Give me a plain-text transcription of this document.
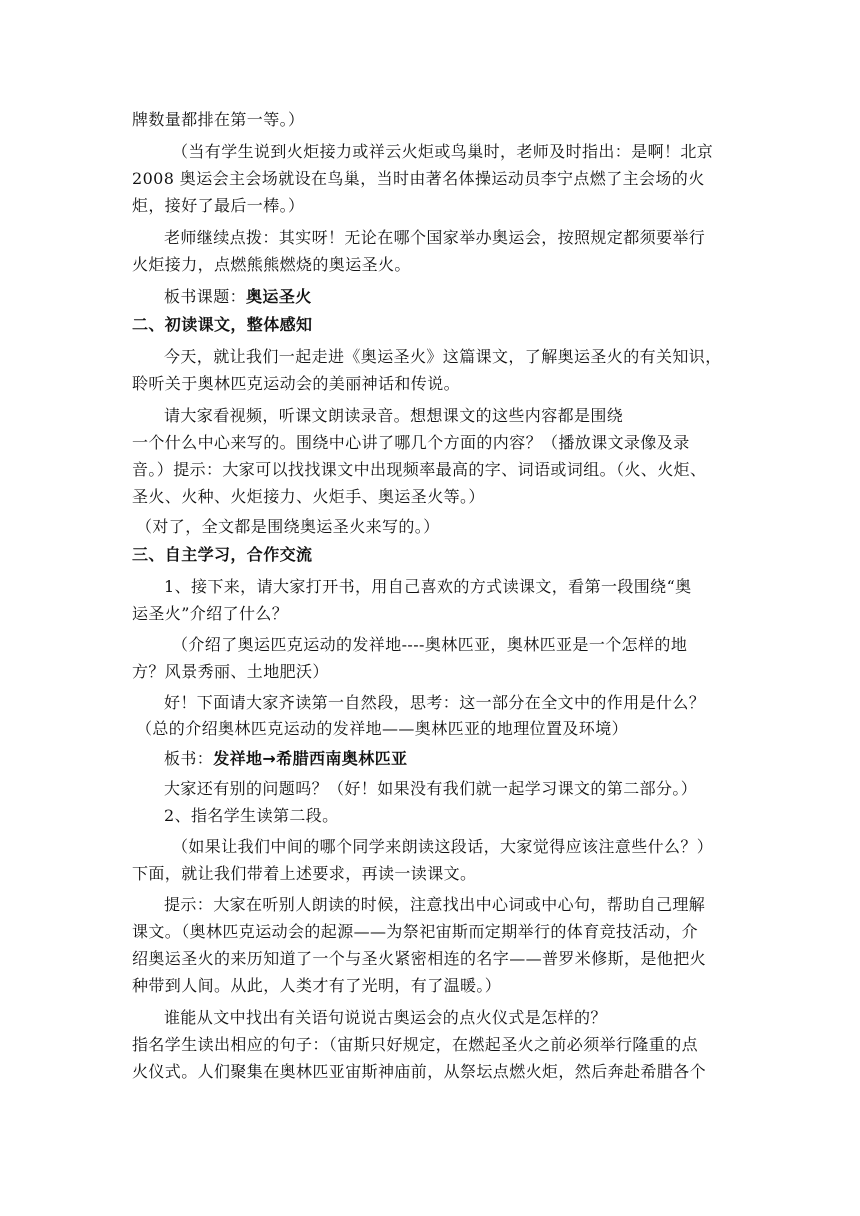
牌数量都排在第一等。）
（当有学生说到火炬接力或祥云火炬或鸟巢时，老师及时指出：是啊！北京
2008 奥运会主会场就设在鸟巢，当时由著名体操运动员李宁点燃了主会场的火
炬，接好了最后一棒。）
老师继续点拨：其实呀！无论在哪个国家举办奥运会，按照规定都须要举行
火炬接力，点燃熊熊燃烧的奥运圣火。
板书课题：奥运圣火
二、初读课文，整体感知
今天，就让我们一起走进《奥运圣火》这篇课文，了解奥运圣火的有关知识，
聆听关于奥林匹克运动会的美丽神话和传说。
请大家看视频，听课文朗读录音。想想课文的这些内容都是围绕
一个什么中心来写的。围绕中心讲了哪几个方面的内容？（播放课文录像及录
音。）提示：大家可以找找课文中出现频率最高的字、词语或词组。（火、火炬、
圣火、火种、火炬接力、火炬手、奥运圣火等。）
（对了，全文都是围绕奥运圣火来写的。）
三、自主学习，合作交流
1、接下来，请大家打开书，用自己喜欢的方式读课文，看第一段围绕“奥
运圣火”介绍了什么？
（介绍了奥运匹克运动的发祥地----奥林匹亚，奥林匹亚是一个怎样的地
方？风景秀丽、土地肥沃）
好！下面请大家齐读第一自然段，思考：这一部分在全文中的作用是什么？
（总的介绍奥林匹克运动的发祥地——奥林匹亚的地理位置及环境）
板书：发祥地→希腊西南奥林匹亚
大家还有别的问题吗？（好！如果没有我们就一起学习课文的第二部分。）
2、指名学生读第二段。
（如果让我们中间的哪个同学来朗读这段话，大家觉得应该注意些什么？）
下面，就让我们带着上述要求，再读一读课文。
提示：大家在听别人朗读的时候，注意找出中心词或中心句，帮助自己理解
课文。（奥林匹克运动会的起源——为祭祀宙斯而定期举行的体育竞技活动，介
绍奥运圣火的来历知道了一个与圣火紧密相连的名字——普罗米修斯，是他把火
种带到人间。从此，人类才有了光明，有了温暖。）
谁能从文中找出有关语句说说古奥运会的点火仪式是怎样的？
指名学生读出相应的句子：（宙斯只好规定，在燃起圣火之前必须举行隆重的点
火仪式。人们聚集在奥林匹亚宙斯神庙前，从祭坛点燃火炬，然后奔赴希腊各个
